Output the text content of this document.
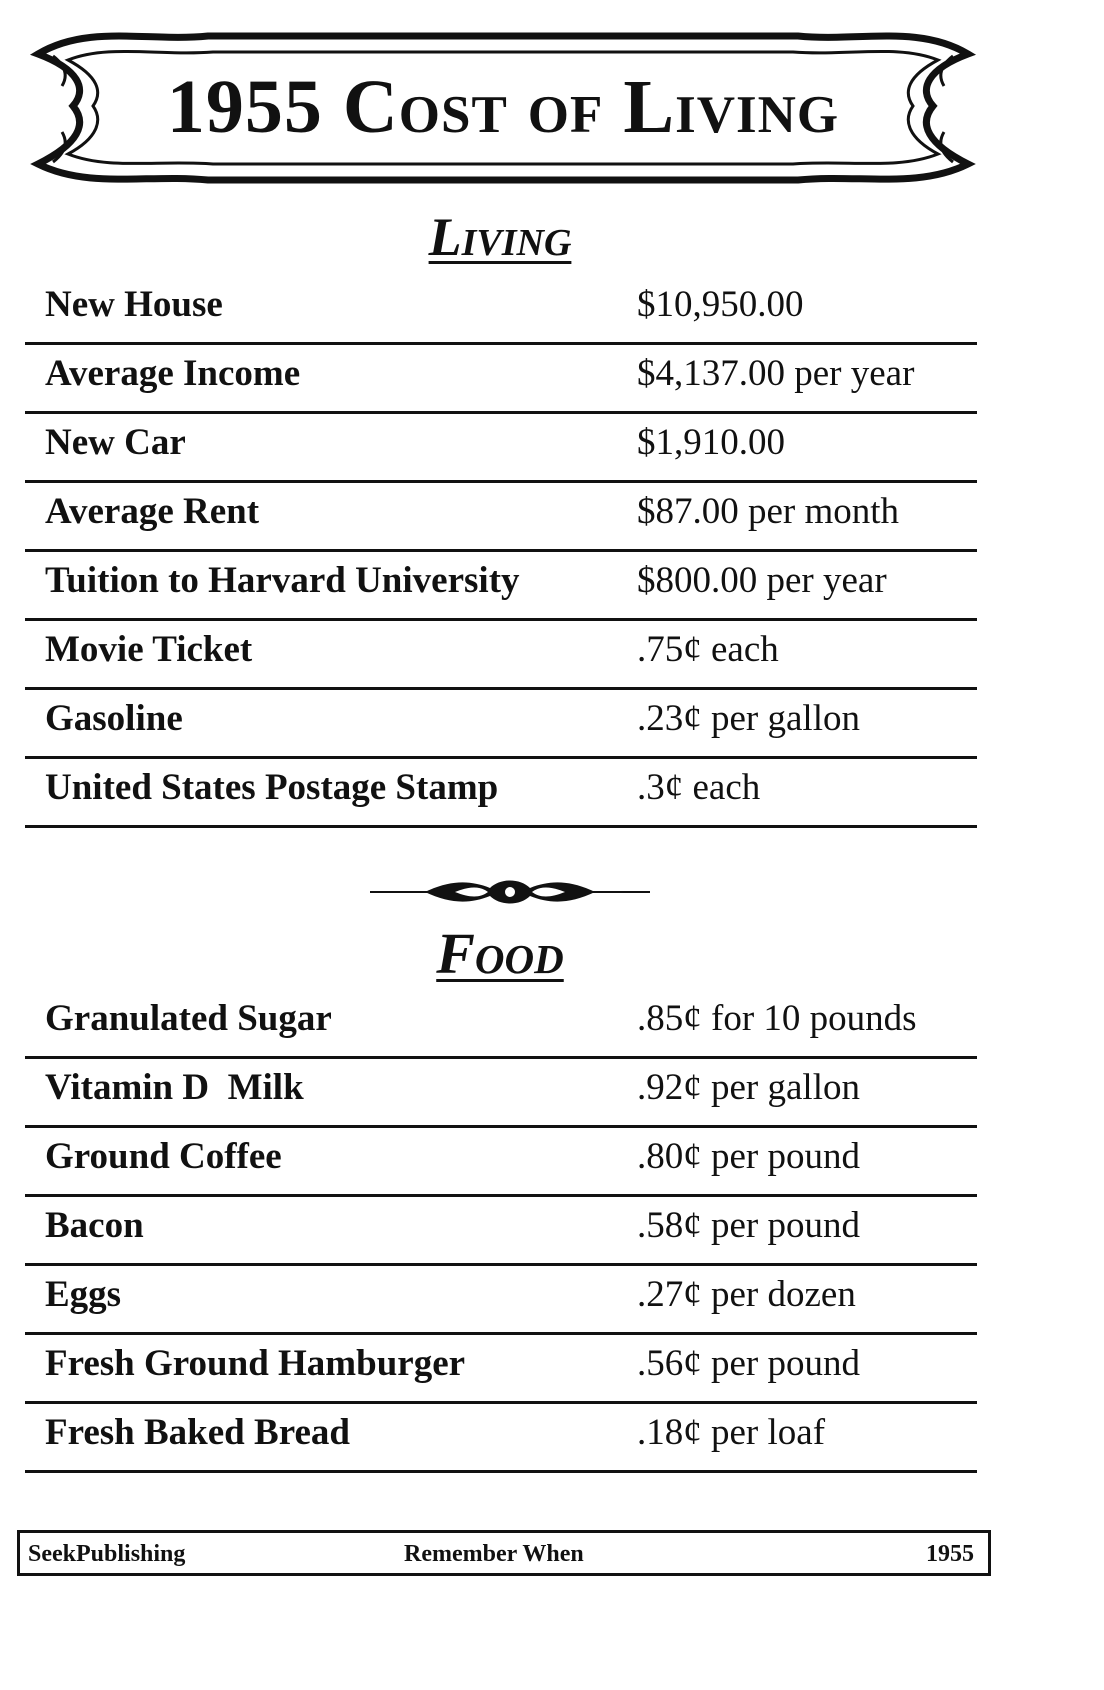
1955 Cost of Living
Living
New House	$10,950.00
Average Income	$4,137.00 per year
New Car	$1,910.00
Average Rent	$87.00 per month
Tuition to Harvard University	$800.00 per year
Movie Ticket	.75¢ each
Gasoline	.23¢ per gallon
United States Postage Stamp	.3¢ each
Food
Granulated Sugar	.85¢ for 10 pounds
Vitamin D  Milk	.92¢ per gallon
Ground Coffee	.80¢ per pound
Bacon	.58¢ per pound
Eggs	.27¢ per dozen
Fresh Ground Hamburger	.56¢ per pound
Fresh Baked Bread	.18¢ per loaf
SeekPublishing	Remember When	1955
